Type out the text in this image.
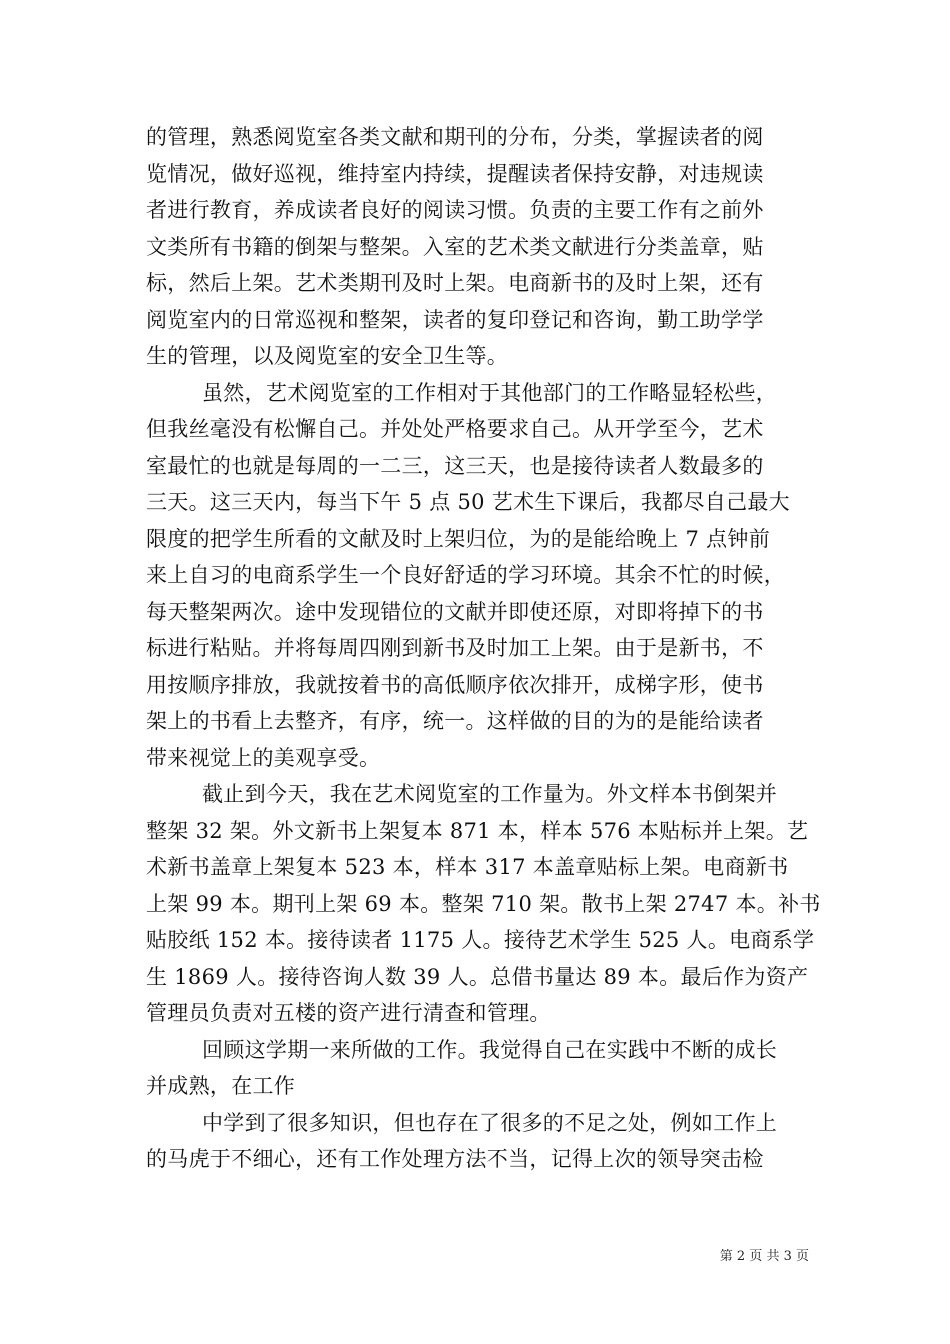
的管理，熟悉阅览室各类文献和期刊的分布，分类，掌握读者的阅
览情况，做好巡视，维持室内持续，提醒读者保持安静，对违规读
者进行教育，养成读者良好的阅读习惯。负责的主要工作有之前外
文类所有书籍的倒架与整架。入室的艺术类文献进行分类盖章，贴
标，然后上架。艺术类期刊及时上架。电商新书的及时上架，还有
阅览室内的日常巡视和整架，读者的复印登记和咨询，勤工助学学
生的管理，以及阅览室的安全卫生等。
虽然，艺术阅览室的工作相对于其他部门的工作略显轻松些，
但我丝毫没有松懈自己。并处处严格要求自己。从开学至今，艺术
室最忙的也就是每周的一二三，这三天，也是接待读者人数最多的
三天。这三天内，每当下午 5 点 50 艺术生下课后，我都尽自己最大
限度的把学生所看的文献及时上架归位，为的是能给晚上 7 点钟前
来上自习的电商系学生一个良好舒适的学习环境。其余不忙的时候，
每天整架两次。途中发现错位的文献并即使还原，对即将掉下的书
标进行粘贴。并将每周四刚到新书及时加工上架。由于是新书，不
用按顺序排放，我就按着书的高低顺序依次排开，成梯字形，使书
架上的书看上去整齐，有序，统一。这样做的目的为的是能给读者
带来视觉上的美观享受。
截止到今天，我在艺术阅览室的工作量为。外文样本书倒架并
整架 32 架。外文新书上架复本 871 本，样本 576 本贴标并上架。艺
术新书盖章上架复本 523 本，样本 317 本盖章贴标上架。电商新书
上架 99 本。期刊上架 69 本。整架 710 架。散书上架 2747 本。补书
贴胶纸 152 本。接待读者 1175 人。接待艺术学生 525 人。电商系学
生 1869 人。接待咨询人数 39 人。总借书量达 89 本。最后作为资产
管理员负责对五楼的资产进行清查和管理。
回顾这学期一来所做的工作。我觉得自己在实践中不断的成长
并成熟，在工作
中学到了很多知识，但也存在了很多的不足之处，例如工作上
的马虎于不细心，还有工作处理方法不当，记得上次的领导突击检
第 2 页 共 3 页
